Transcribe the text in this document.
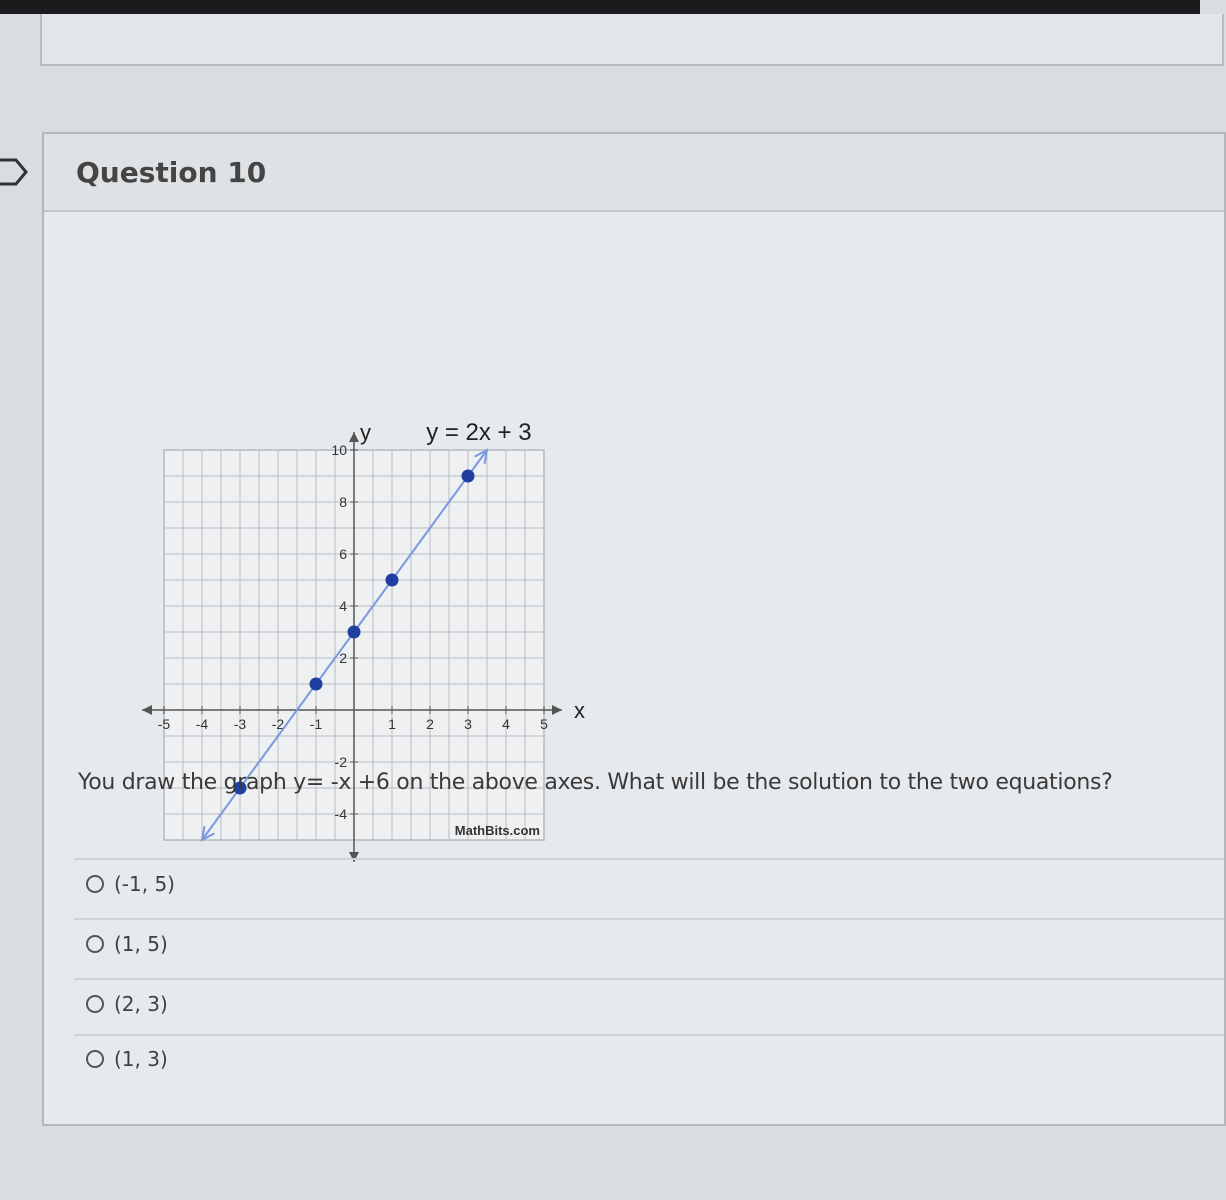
Question 10
-5 -4 -3 -2 -1	1 2 3 4 5
10
8
6
4
2
-2
-4
x
y y = 2x + 3
MathBits.com
You draw the graph y= -x +6 on the above axes. What will be the solution to the two equations?
(-1, 5)
(1, 5)
(2, 3)
(1, 3)
